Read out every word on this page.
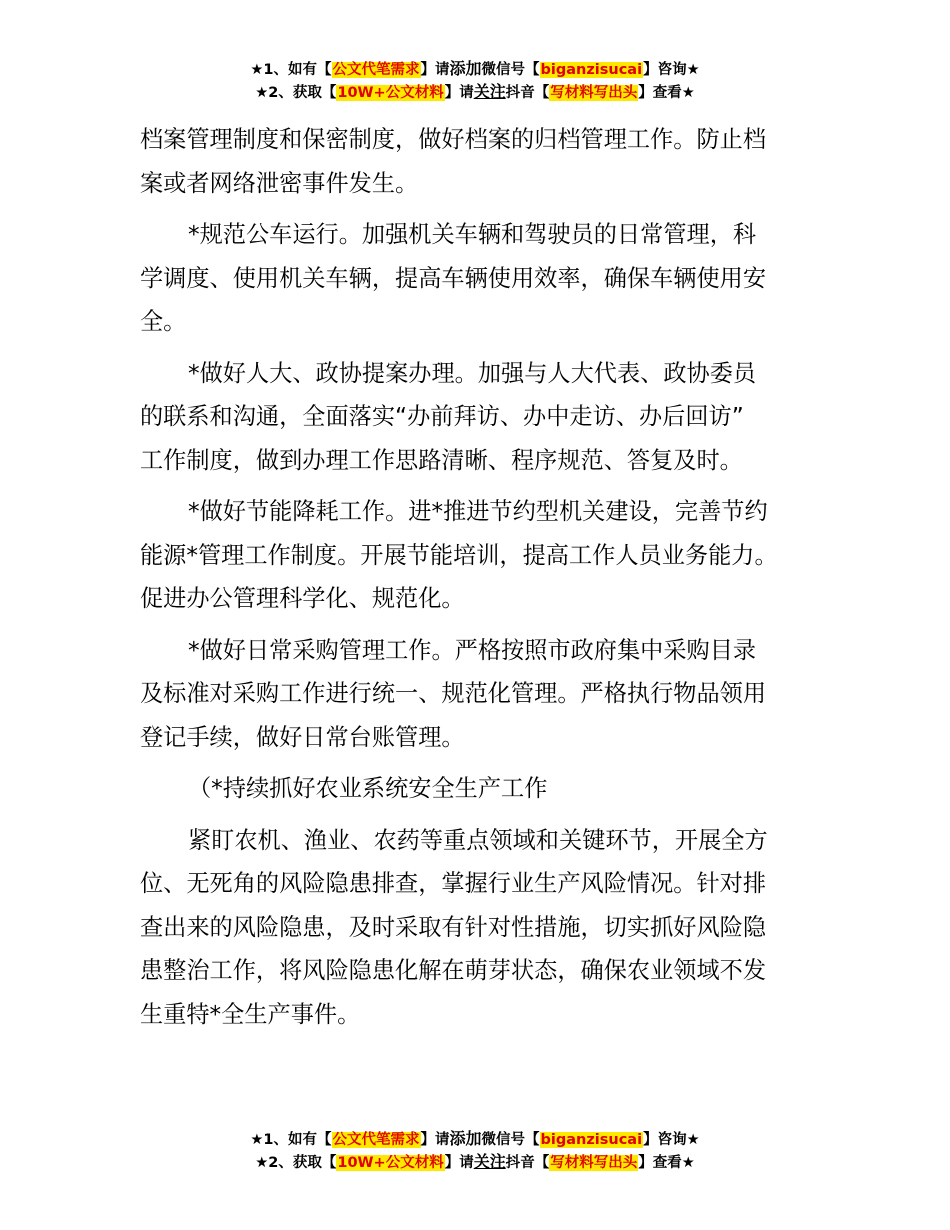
★1、如有【公文代笔需求】请添加微信号【biganzisucai】咨询★
★2、获取【10W+公文材料】请关注抖音【写材料写出头】查看★

档案管理制度和保密制度，做好档案的归档管理工作。防止档
案或者网络泄密事件发生。

*规范公车运行。加强机关车辆和驾驶员的日常管理，科
学调度、使用机关车辆，提高车辆使用效率，确保车辆使用安
全。

*做好人大、政协提案办理。加强与人大代表、政协委员
的联系和沟通，全面落实“办前拜访、办中走访、办后回访”
工作制度，做到办理工作思路清晰、程序规范、答复及时。

*做好节能降耗工作。进*推进节约型机关建设，完善节约
能源*管理工作制度。开展节能培训，提高工作人员业务能力。
促进办公管理科学化、规范化。

*做好日常采购管理工作。严格按照市政府集中采购目录
及标准对采购工作进行统一、规范化管理。严格执行物品领用
登记手续，做好日常台账管理。

（*持续抓好农业系统安全生产工作

紧盯农机、渔业、农药等重点领域和关键环节，开展全方
位、无死角的风险隐患排查，掌握行业生产风险情况。针对排
查出来的风险隐患，及时采取有针对性措施，切实抓好风险隐
患整治工作，将风险隐患化解在萌芽状态，确保农业领域不发
生重特*全生产事件。

★1、如有【公文代笔需求】请添加微信号【biganzisucai】咨询★
★2、获取【10W+公文材料】请关注抖音【写材料写出头】查看★
